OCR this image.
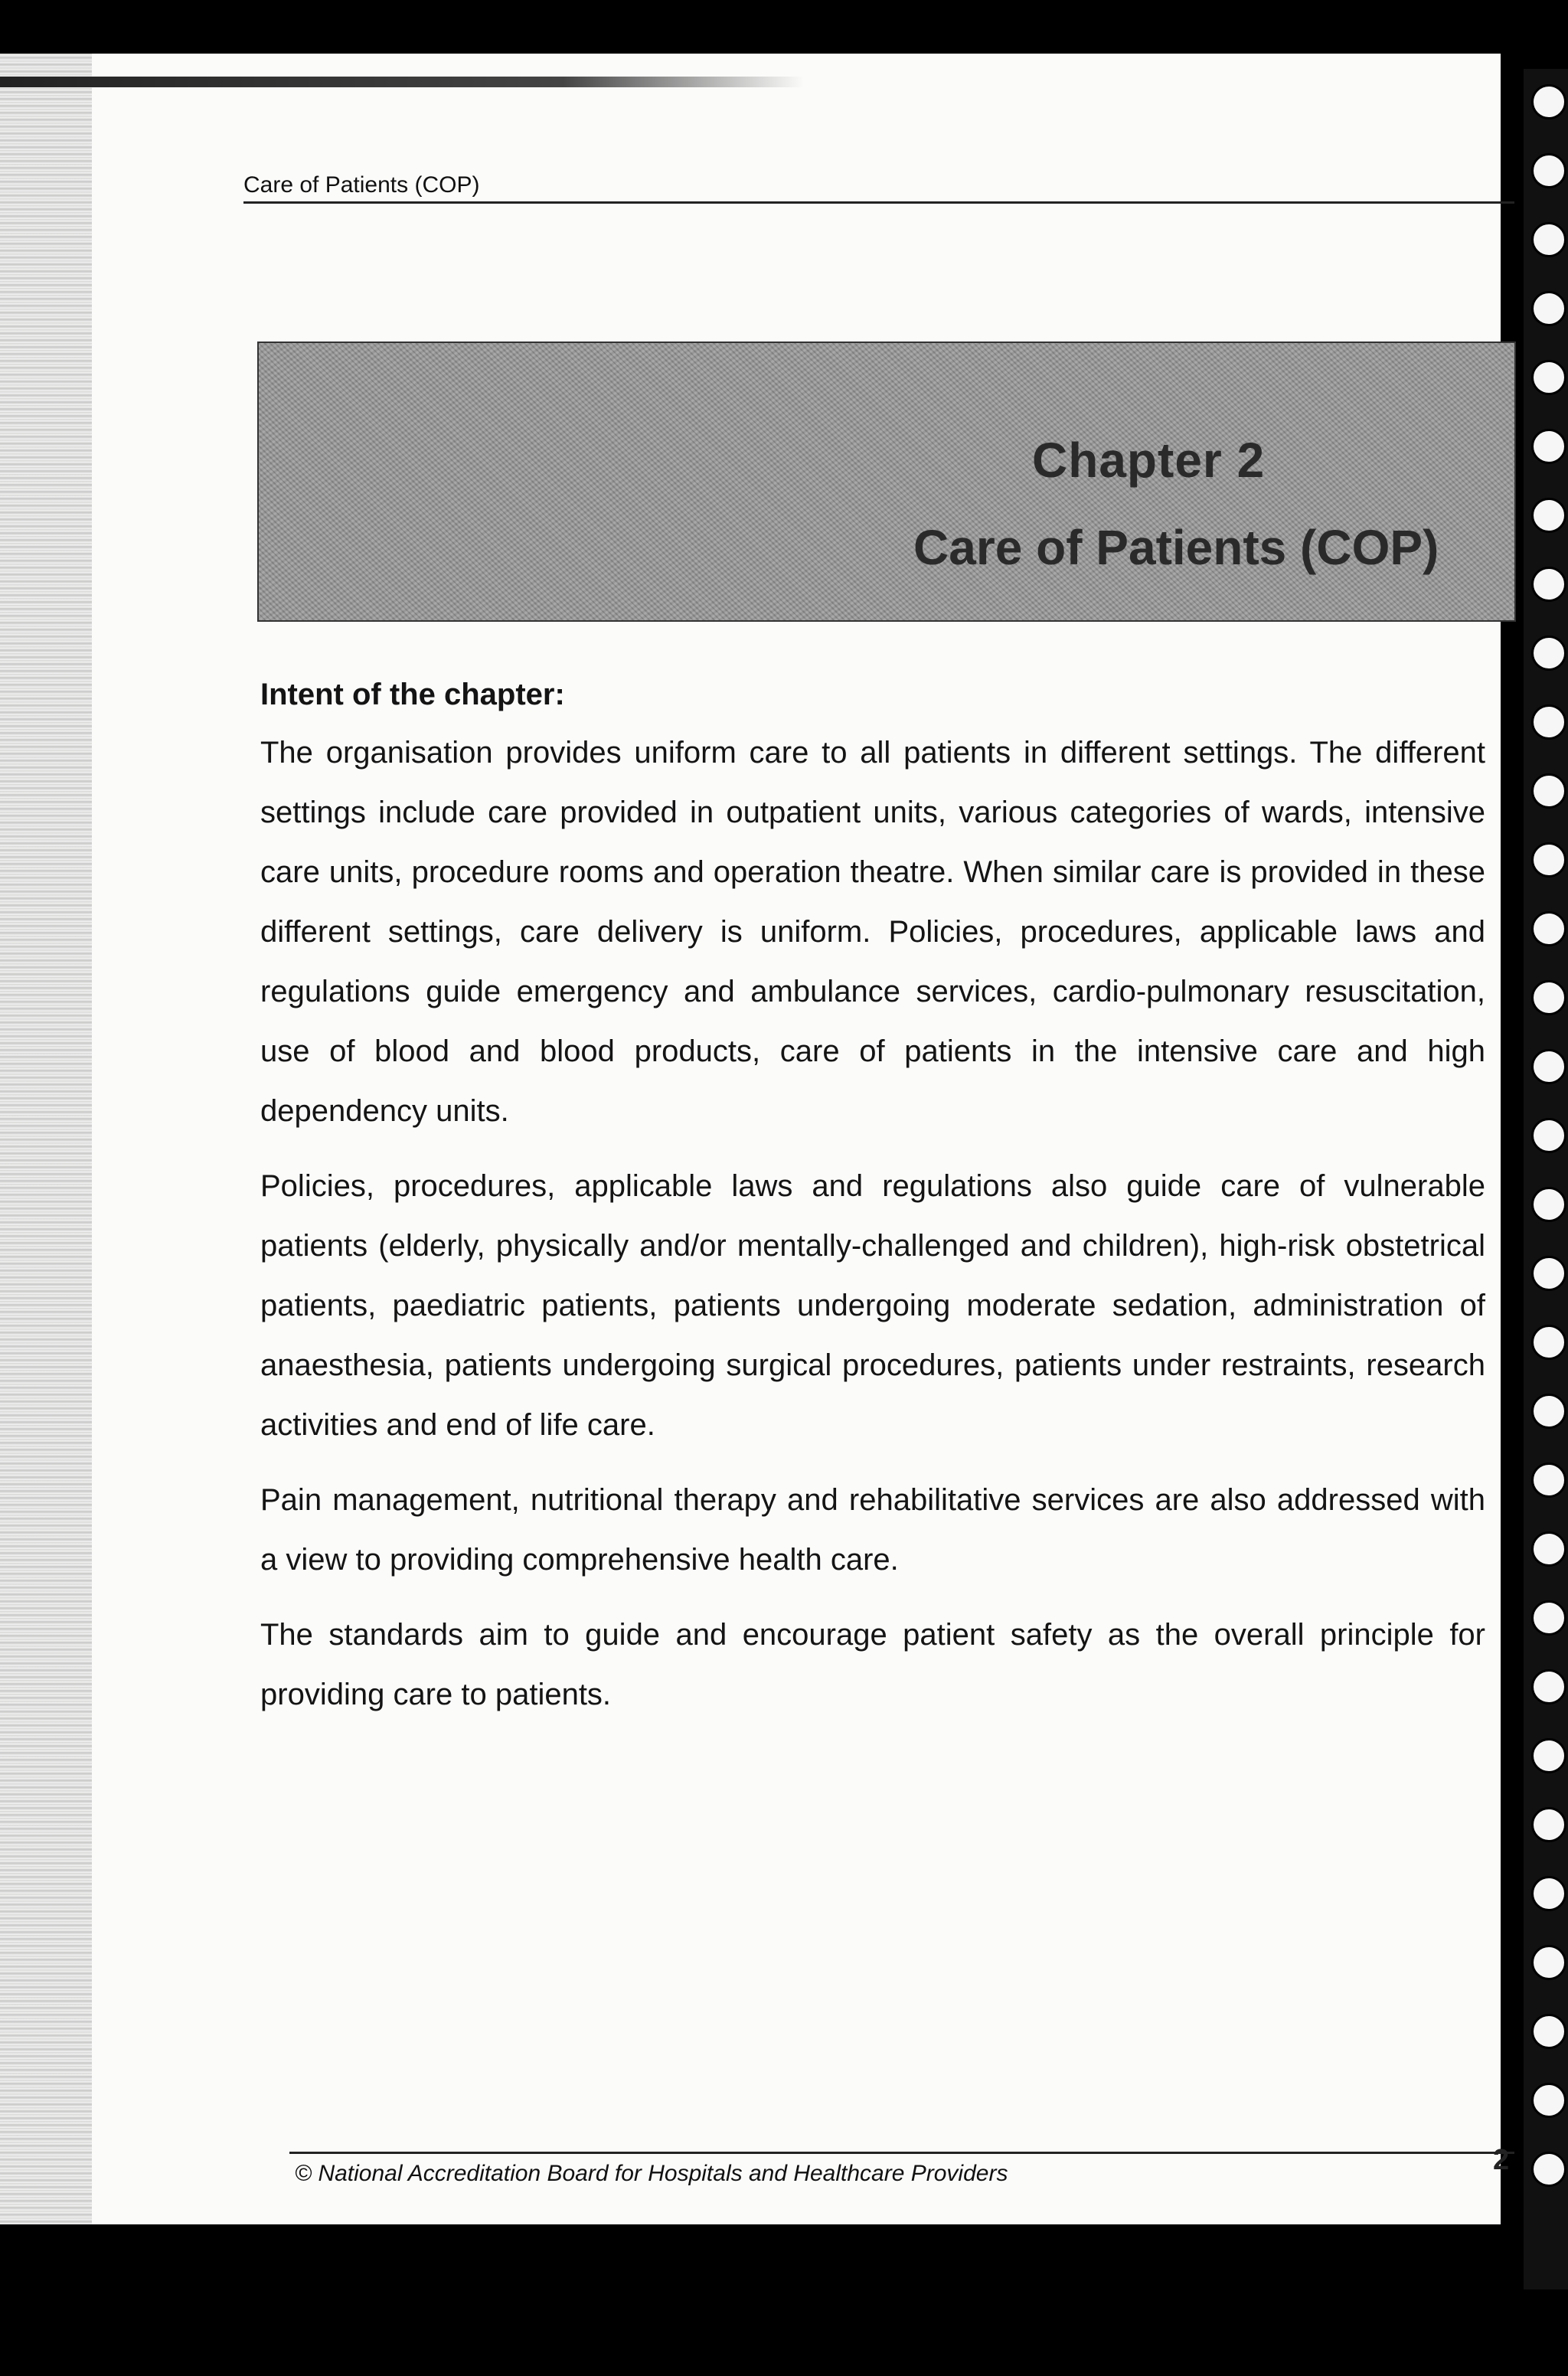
Care of Patients (COP)
Chapter 2
Care of Patients (COP)
Intent of the chapter:

The organisation provides uniform care to all patients in different settings. The different settings include care provided in outpatient units, various categories of wards, intensive care units, procedure rooms and operation theatre. When similar care is provided in these different settings, care delivery is uniform. Policies, procedures, applicable laws and regulations guide emergency and ambulance services, cardio-pulmonary resuscitation, use of blood and blood products, care of patients in the intensive care and high dependency units.

Policies, procedures, applicable laws and regulations also guide care of vulnerable patients (elderly, physically and/or mentally-challenged and children), high-risk obstetrical patients, paediatric patients, patients undergoing moderate sedation, administration of anaesthesia, patients undergoing surgical procedures, patients under restraints, research activities and end of life care.

Pain management, nutritional therapy and rehabilitative services are also addressed with a view to providing comprehensive health care.

The standards aim to guide and encourage patient safety as the overall principle for providing care to patients.

© National Accreditation Board for Hospitals and Healthcare Providers	2
